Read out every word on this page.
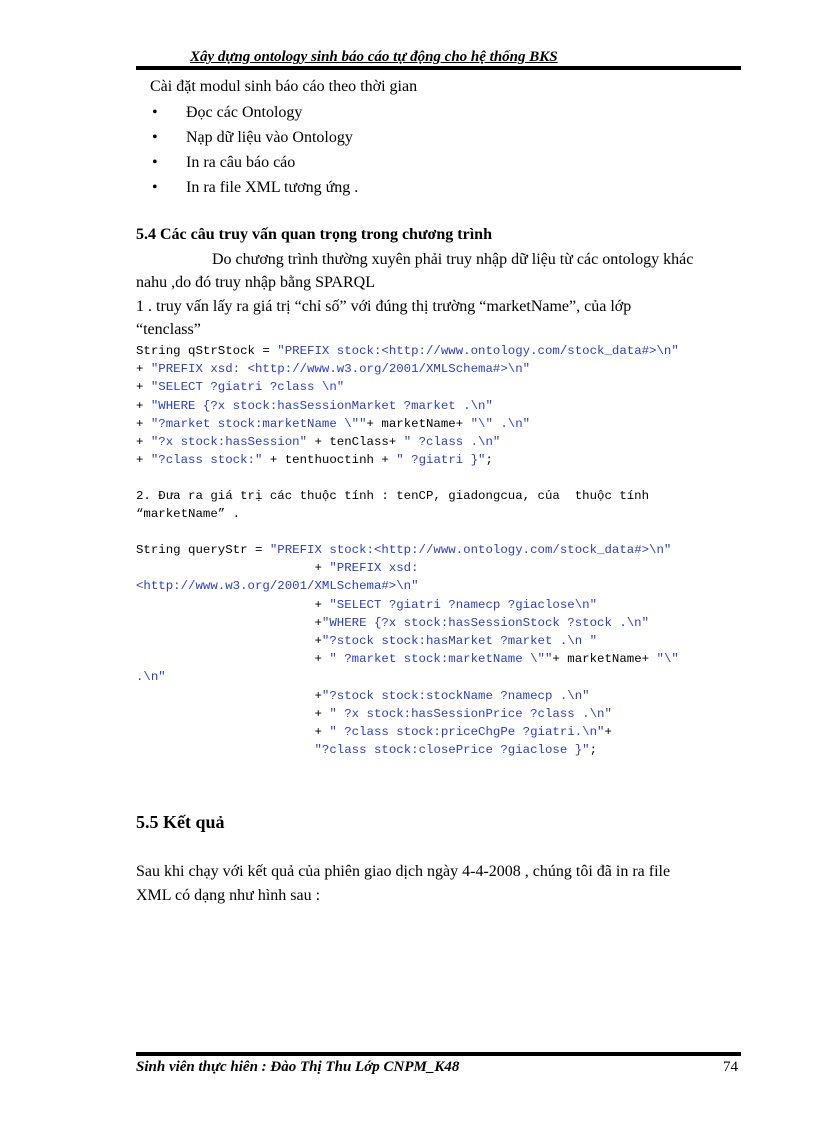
Xây dựng ontology sinh báo cáo tự động cho hệ thống BKS
Cài đặt modul sinh báo cáo theo thời gian
• Đọc các Ontology
• Nạp dữ liệu vào Ontology
• In ra câu báo cáo
• In ra file XML tương ứng .
5.4 Các câu truy vấn quan trọng trong chương trình
Do chương trình thường xuyên phải truy nhập dữ liệu từ các ontology khác
nahu ,do đó truy nhập bằng SPARQL
1 . truy vấn lấy ra giá trị “chỉ số” với đúng thị trường “marketName”, của lớp
“tenclass”
String qStrStock = "PREFIX stock:<http://www.ontology.com/stock_data#>\n"
+ "PREFIX xsd: <http://www.w3.org/2001/XMLSchema#>\n"
+ "SELECT ?giatri ?class \n"
+ "WHERE {?x stock:hasSessionMarket ?market .\n"
+ "?market stock:marketName \""+ marketName+ "\" .\n"
+ "?x stock:hasSession" + tenClass+ " ?class .\n"
+ "?class stock:" + tenthuoctinh + " ?giatri }";
2. Đưa ra giá trị các thuộc tính : tenCP, giadongcua, của  thuộc tính
“marketName” .
String queryStr = "PREFIX stock:<http://www.ontology.com/stock_data#>\n"
+ "PREFIX xsd:
<http://www.w3.org/2001/XMLSchema#>\n"
+ "SELECT ?giatri ?namecp ?giaclose\n"
+"WHERE {?x stock:hasSessionStock ?stock .\n"
+"?stock stock:hasMarket ?market .\n "
+ " ?market stock:marketName \""+ marketName+ "\"
.\n"
+"?stock stock:stockName ?namecp .\n"
+ " ?x stock:hasSessionPrice ?class .\n"
+ " ?class stock:priceChgPe ?giatri.\n"+
"?class stock:closePrice ?giaclose }";
5.5 Kết quả
Sau khi chạy với kết quả của phiên giao dịch ngày 4-4-2008 , chúng tôi đã in ra file
XML có dạng như hình sau :
Sinh viên thực hiên : Đào Thị Thu Lớp CNPM_K48	74
